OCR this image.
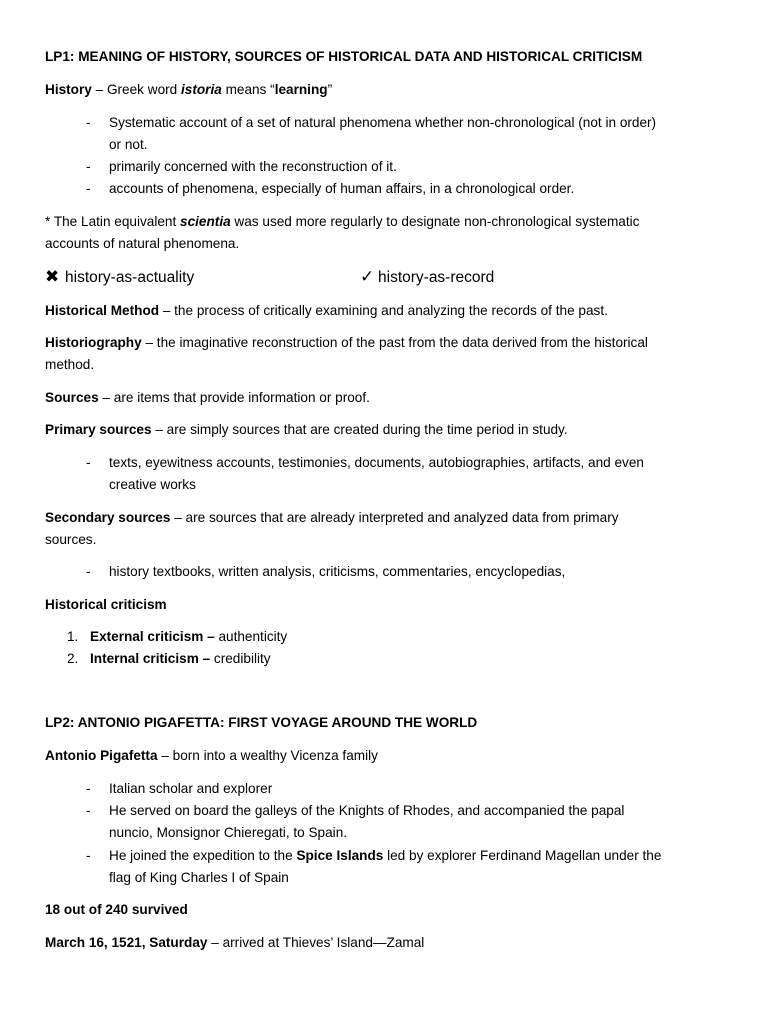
LP1: MEANING OF HISTORY, SOURCES OF HISTORICAL DATA AND HISTORICAL CRITICISM
History – Greek word istoria means “learning”
- Systematic account of a set of natural phenomena whether non-chronological (not in order)
or not.
- primarily concerned with the reconstruction of it.
- accounts of phenomena, especially of human affairs, in a chronological order.
* The Latin equivalent scientia was used more regularly to designate non-chronological systematic
accounts of natural phenomena.
✖ history-as-actuality	✓ history-as-record
Historical Method – the process of critically examining and analyzing the records of the past.
Historiography – the imaginative reconstruction of the past from the data derived from the historical
method.
Sources – are items that provide information or proof.
Primary sources – are simply sources that are created during the time period in study.
- texts, eyewitness accounts, testimonies, documents, autobiographies, artifacts, and even
creative works
Secondary sources – are sources that are already interpreted and analyzed data from primary
sources.
- history textbooks, written analysis, criticisms, commentaries, encyclopedias,
Historical criticism
1. External criticism – authenticity
2. Internal criticism – credibility
LP2: ANTONIO PIGAFETTA: FIRST VOYAGE AROUND THE WORLD
Antonio Pigafetta – born into a wealthy Vicenza family
- Italian scholar and explorer
- He served on board the galleys of the Knights of Rhodes, and accompanied the papal
nuncio, Monsignor Chieregati, to Spain.
- He joined the expedition to the Spice Islands led by explorer Ferdinand Magellan under the
flag of King Charles I of Spain
18 out of 240 survived
March 16, 1521, Saturday – arrived at Thieves’ Island—Zamal
